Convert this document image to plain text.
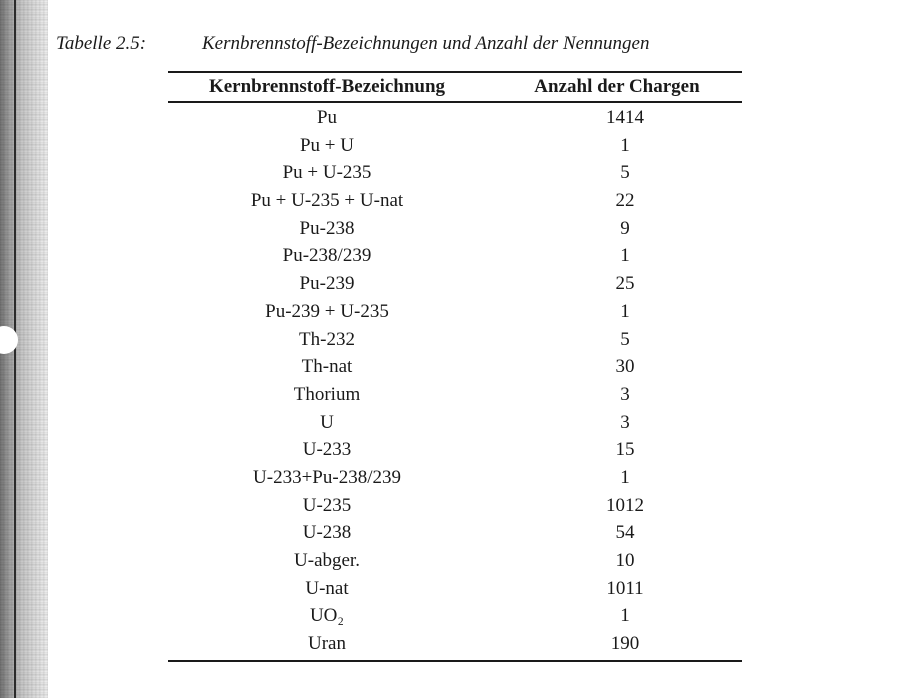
Tabelle 2.5:	Kernbrennstoff-Bezeichnungen und Anzahl der Nennungen
Kernbrennstoff-Bezeichnung	Anzahl der Chargen
Pu	1414
Pu + U	1
Pu + U-235	5
Pu + U-235 + U-nat	22
Pu-238	9
Pu-238/239	1
Pu-239	25
Pu-239 + U-235	1
Th-232	5
Th-nat	30
Thorium	3
U	3
U-233	15
U-233+Pu-238/239	1
U-235	1012
U-238	54
U-abger.	10
U-nat	1011
UO₂	1
Uran	190
